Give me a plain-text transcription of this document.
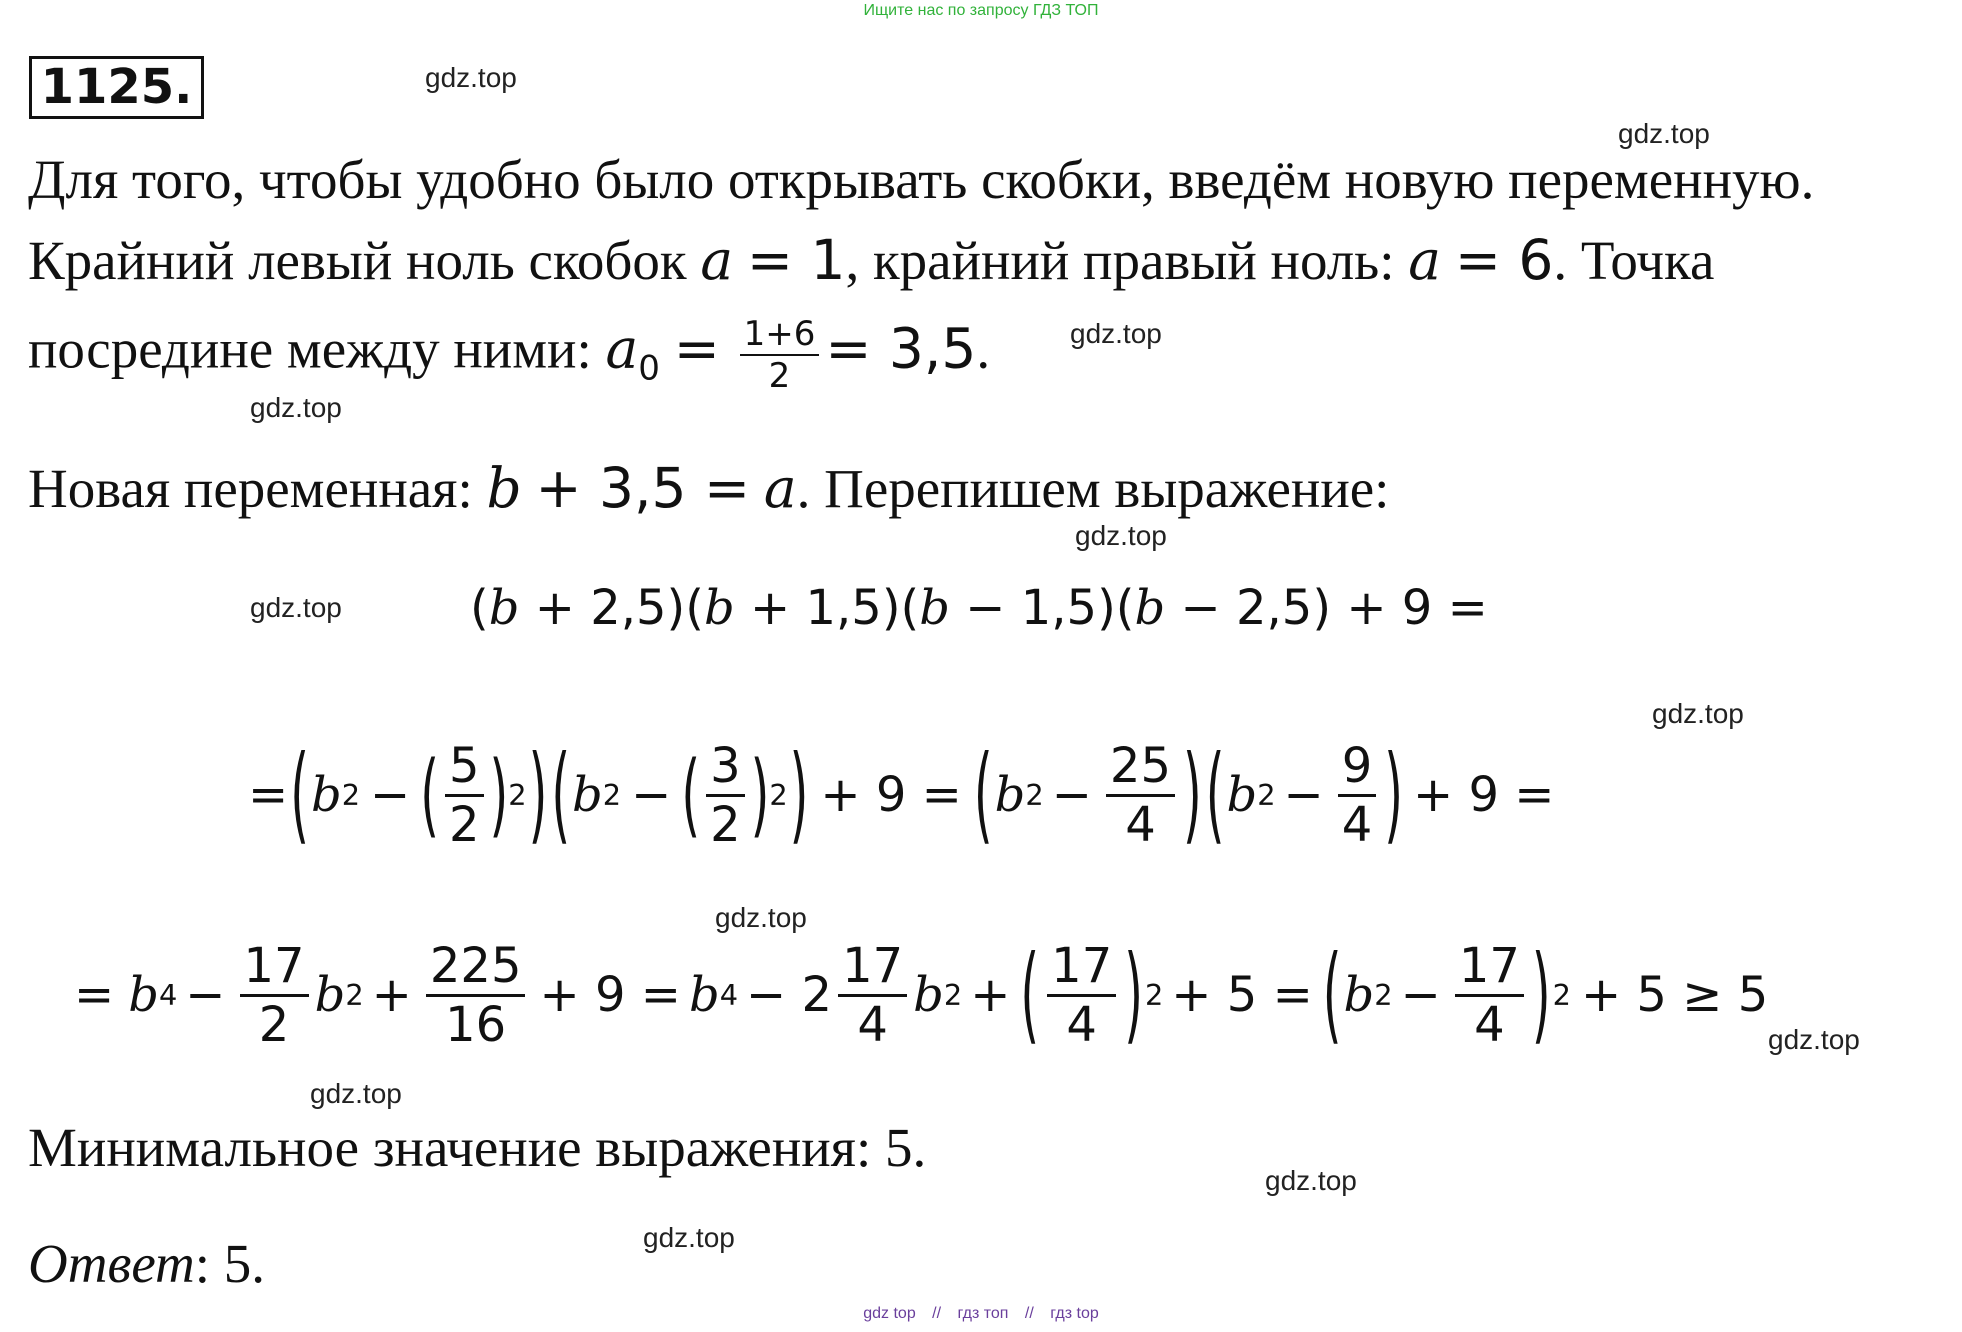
Ищите нас по запросу ГДЗ ТОП
1125.	gdz.top
gdz.top
gdz.top
gdz.top
gdz.top
gdz.top
gdz.top
gdz.top
gdz.top
gdz.top
gdz.top
gdz.top
Для того, чтобы удобно было открывать скобки, введём новую переменную.
Крайний левый ноль скобок a = 1, крайний правый ноль: a = 6. Точка
посредине между ними: $a_0 = \frac{1+6}{2} = 3,5$.
Новая переменная: b + 3,5 = a. Перепишем выражение:
(b + 2,5)(b + 1,5)(b − 1,5)(b − 2,5) + 9 =
= ( b 2 − ( $\frac{5}{2}$ ) 2 ) ( b 2 − ( $\frac{3}{2}$ ) 2 ) + 9 = ( b $2 - \frac{25}{4}$ ) ( b $2 - \frac{9}{4}$ ) + 9 =
= b $4 - \frac{17}{2}$ b $2 + \frac{225}{16} + 9 = b$ $4 - 2 \frac{17}{4}$ b 2 + ( $\frac{17}{4}$ ) 2 + 5 = ( b $2 - \frac{17}{4}$ ) 2 + 5 ≥ 5
Минимальное значение выражения: 5.
Ответ: 5.
gdz top // гдз топ // гдз top
